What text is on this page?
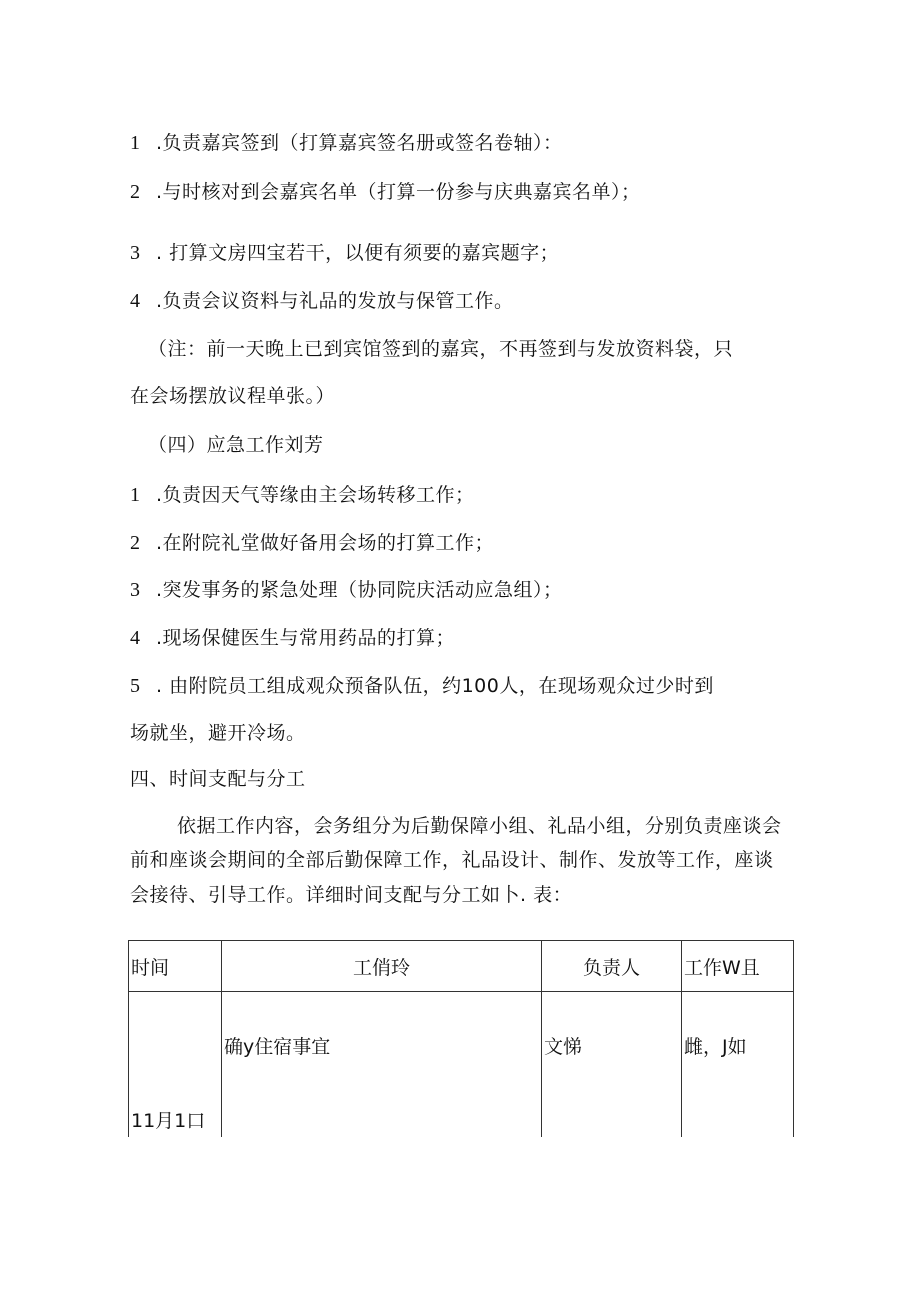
1 .负责嘉宾签到（打算嘉宾签名册或签名卷轴）：
2 .与时核对到会嘉宾名单（打算一份参与庆典嘉宾名单）；
3 . 打算文房四宝若干，以便有须要的嘉宾题字；
4 .负责会议资料与礼品的发放与保管工作。
（注：前一天晚上已到宾馆签到的嘉宾，不再签到与发放资料袋，只
在会场摆放议程单张。）
（四）应急工作刘芳
1 .负责因天气等缘由主会场转移工作；
2 .在附院礼堂做好备用会场的打算工作；
3 .突发事务的紧急处理（协同院庆活动应急组）；
4 .现场保健医生与常用药品的打算；
5 . 由附院员工组成观众预备队伍，约100人，在现场观众过少时到
场就坐，避开冷场。
四、时间支配与分工
依据工作内容，会务组分为后勤保障小组、礼品小组，分别负责座谈会
前和座谈会期间的全部后勤保障工作，礼品设计、制作、发放等工作，座谈
会接待、引导工作。详细时间支配与分工如卜. 表：
时间	工俏玲	负责人	工作W且
11月1口	确y住宿事宜	文悌	雌，J如
